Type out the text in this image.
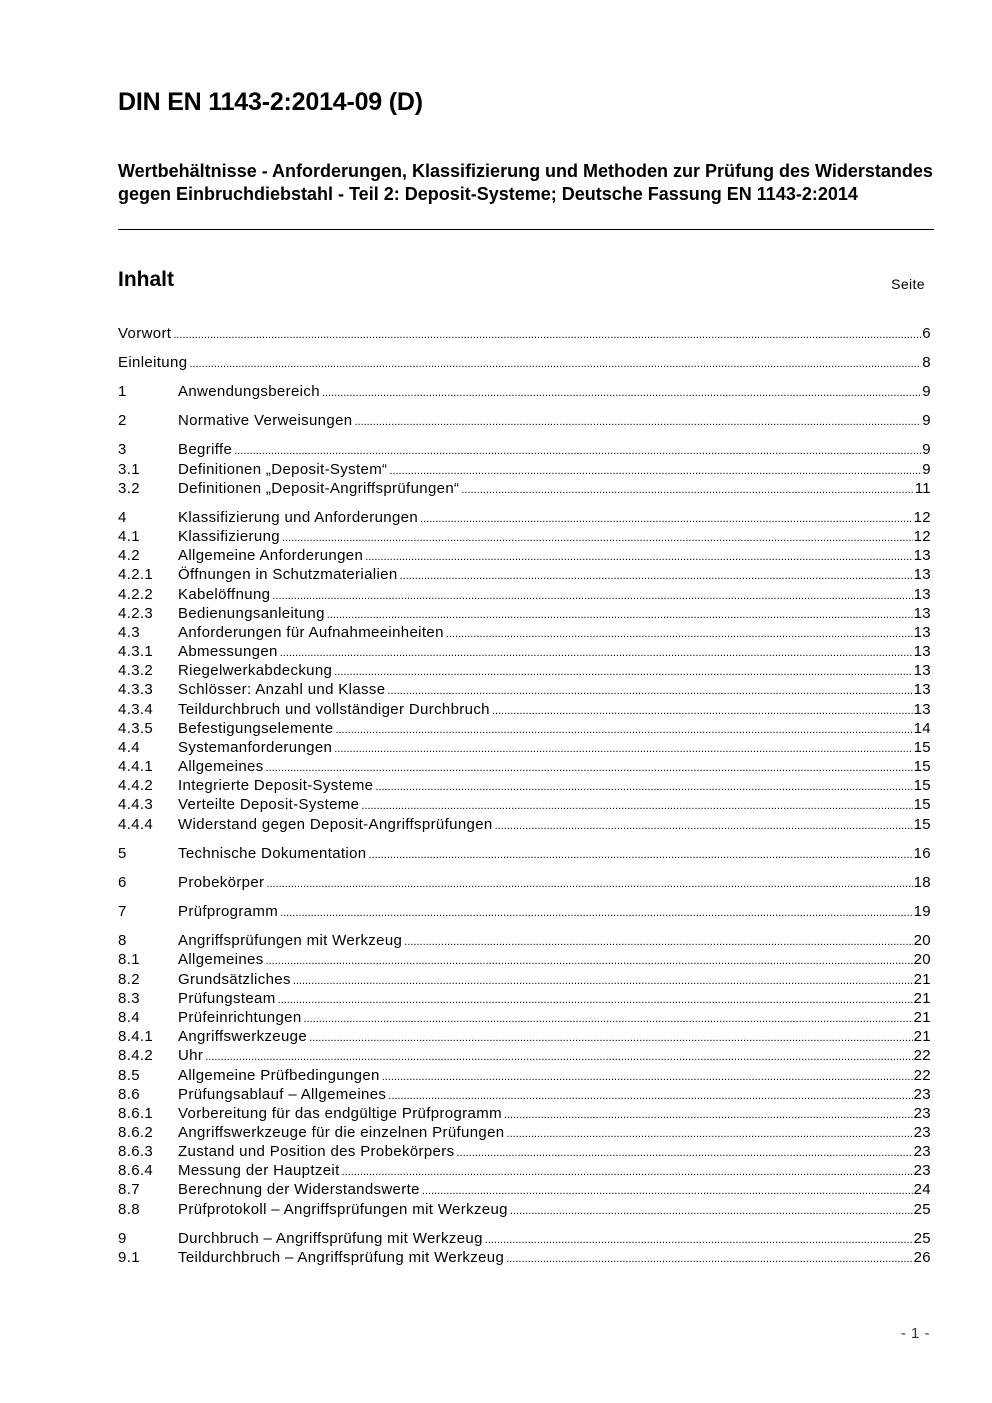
DIN EN 1143-2:2014-09 (D)

Wertbehältnisse - Anforderungen, Klassifizierung und Methoden zur Prüfung des Widerstandes gegen Einbruchdiebstahl - Teil 2: Deposit-Systeme; Deutsche Fassung EN 1143-2:2014

Inhalt	Seite
Vorwort .....	6
Einleitung .....	8
1	Anwendungsbereich .....	9
2	Normative Verweisungen .....	9
3	Begriffe .....	9
3.1	Definitionen „Deposit-System“ .....	9
3.2	Definitionen „Deposit-Angriffsprüfungen“ .....	11
4	Klassifizierung und Anforderungen .....	12
4.1	Klassifizierung .....	12
4.2	Allgemeine Anforderungen .....	13
4.2.1	Öffnungen in Schutzmaterialien .....	13
4.2.2	Kabelöffnung .....	13
4.2.3	Bedienungsanleitung .....	13
4.3	Anforderungen für Aufnahmeeinheiten .....	13
4.3.1	Abmessungen .....	13
4.3.2	Riegelwerkabdeckung .....	13
4.3.3	Schlösser: Anzahl und Klasse .....	13
4.3.4	Teildurchbruch und vollständiger Durchbruch .....	13
4.3.5	Befestigungselemente .....	14
4.4	Systemanforderungen .....	15
4.4.1	Allgemeines .....	15
4.4.2	Integrierte Deposit-Systeme .....	15
4.4.3	Verteilte Deposit-Systeme .....	15
4.4.4	Widerstand gegen Deposit-Angriffsprüfungen .....	15
5	Technische Dokumentation .....	16
6	Probekörper .....	18
7	Prüfprogramm .....	19
8	Angriffsprüfungen mit Werkzeug .....	20
8.1	Allgemeines .....	20
8.2	Grundsätzliches .....	21
8.3	Prüfungsteam .....	21
8.4	Prüfeinrichtungen .....	21
8.4.1	Angriffswerkzeuge .....	21
8.4.2	Uhr .....	22
8.5	Allgemeine Prüfbedingungen .....	22
8.6	Prüfungsablauf – Allgemeines .....	23
8.6.1	Vorbereitung für das endgültige Prüfprogramm .....	23
8.6.2	Angriffswerkzeuge für die einzelnen Prüfungen .....	23
8.6.3	Zustand und Position des Probekörpers .....	23
8.6.4	Messung der Hauptzeit .....	23
8.7	Berechnung der Widerstandswerte .....	24
8.8	Prüfprotokoll – Angriffsprüfungen mit Werkzeug .....	25
9	Durchbruch – Angriffsprüfung mit Werkzeug .....	25
9.1	Teildurchbruch – Angriffsprüfung mit Werkzeug .....	26
- 1 -
